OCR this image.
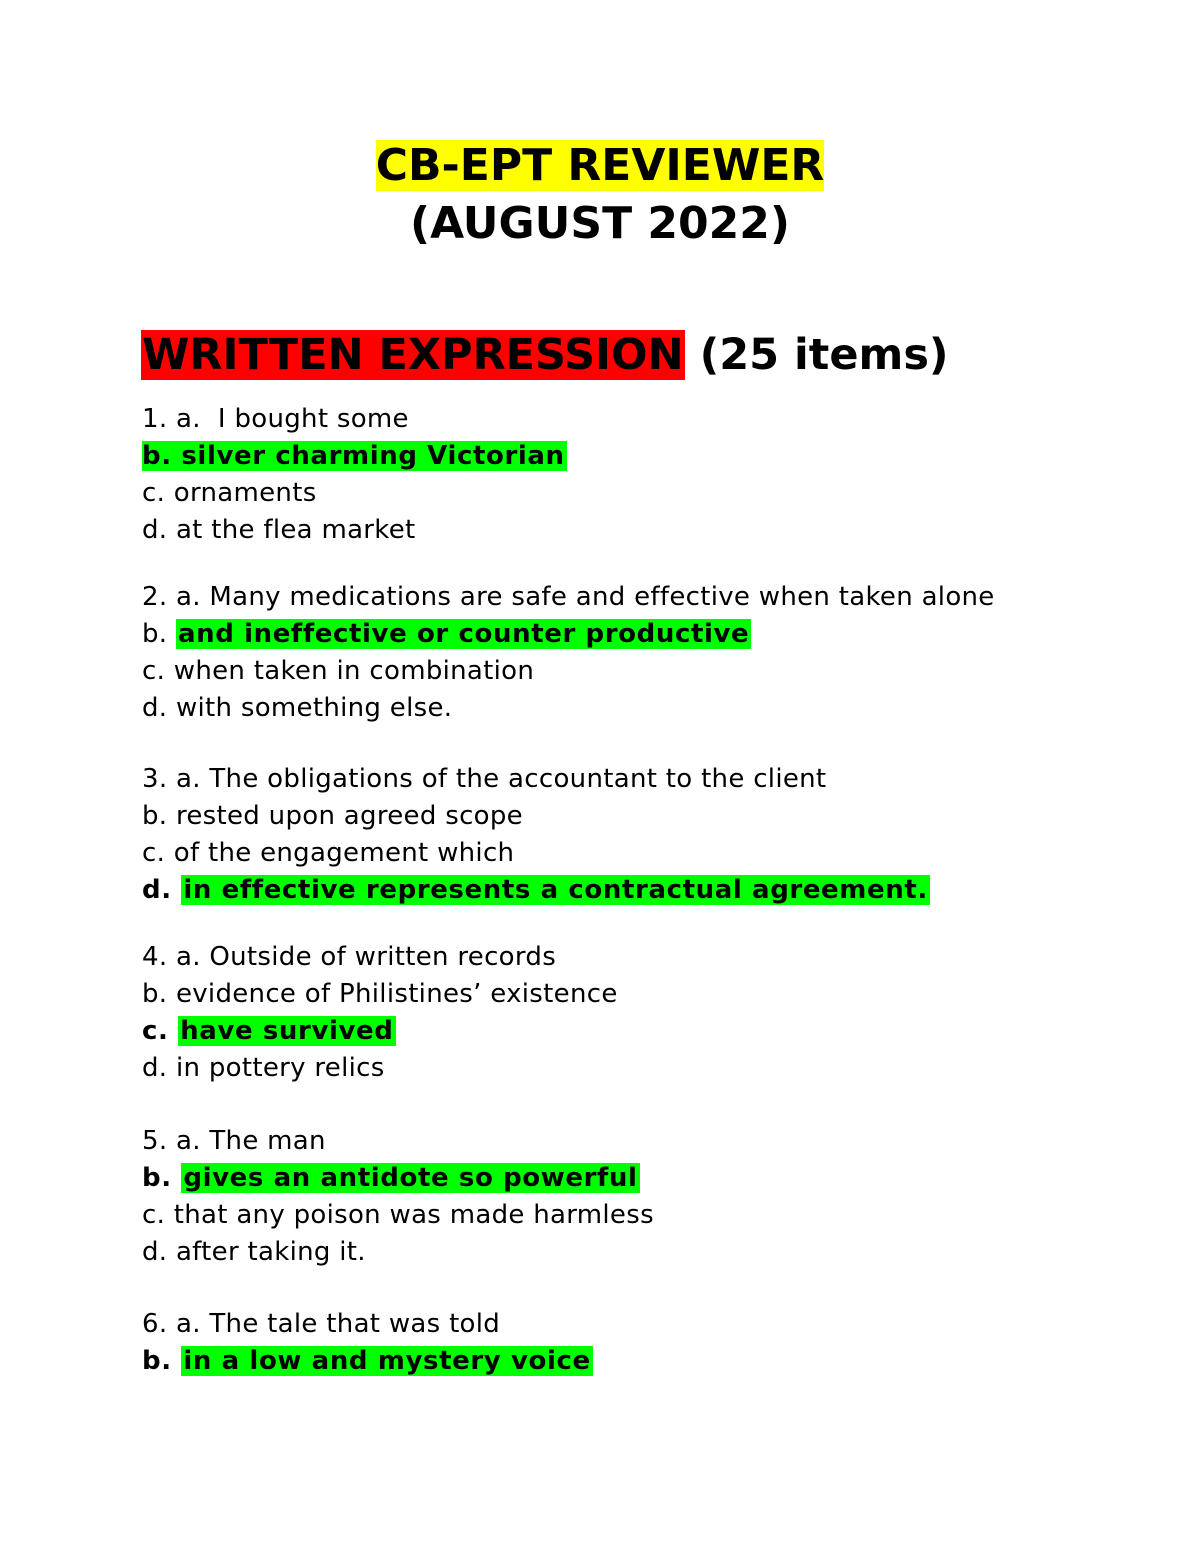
CB-EPT REVIEWER
(AUGUST 2022)
WRITTEN EXPRESSION (25 items)
1. a.  I bought some
b. silver charming Victorian
c. ornaments
d. at the flea market
2. a. Many medications are safe and effective when taken alone
b. and ineffective or counter productive
c. when taken in combination
d. with something else.
3. a. The obligations of the accountant to the client
b. rested upon agreed scope
c. of the engagement which
d. in effective represents a contractual agreement.
4. a. Outside of written records
b. evidence of Philistines’ existence
c. have survived
d. in pottery relics
5. a. The man
b. gives an antidote so powerful
c. that any poison was made harmless
d. after taking it.
6. a. The tale that was told
b. in a low and mystery voice
